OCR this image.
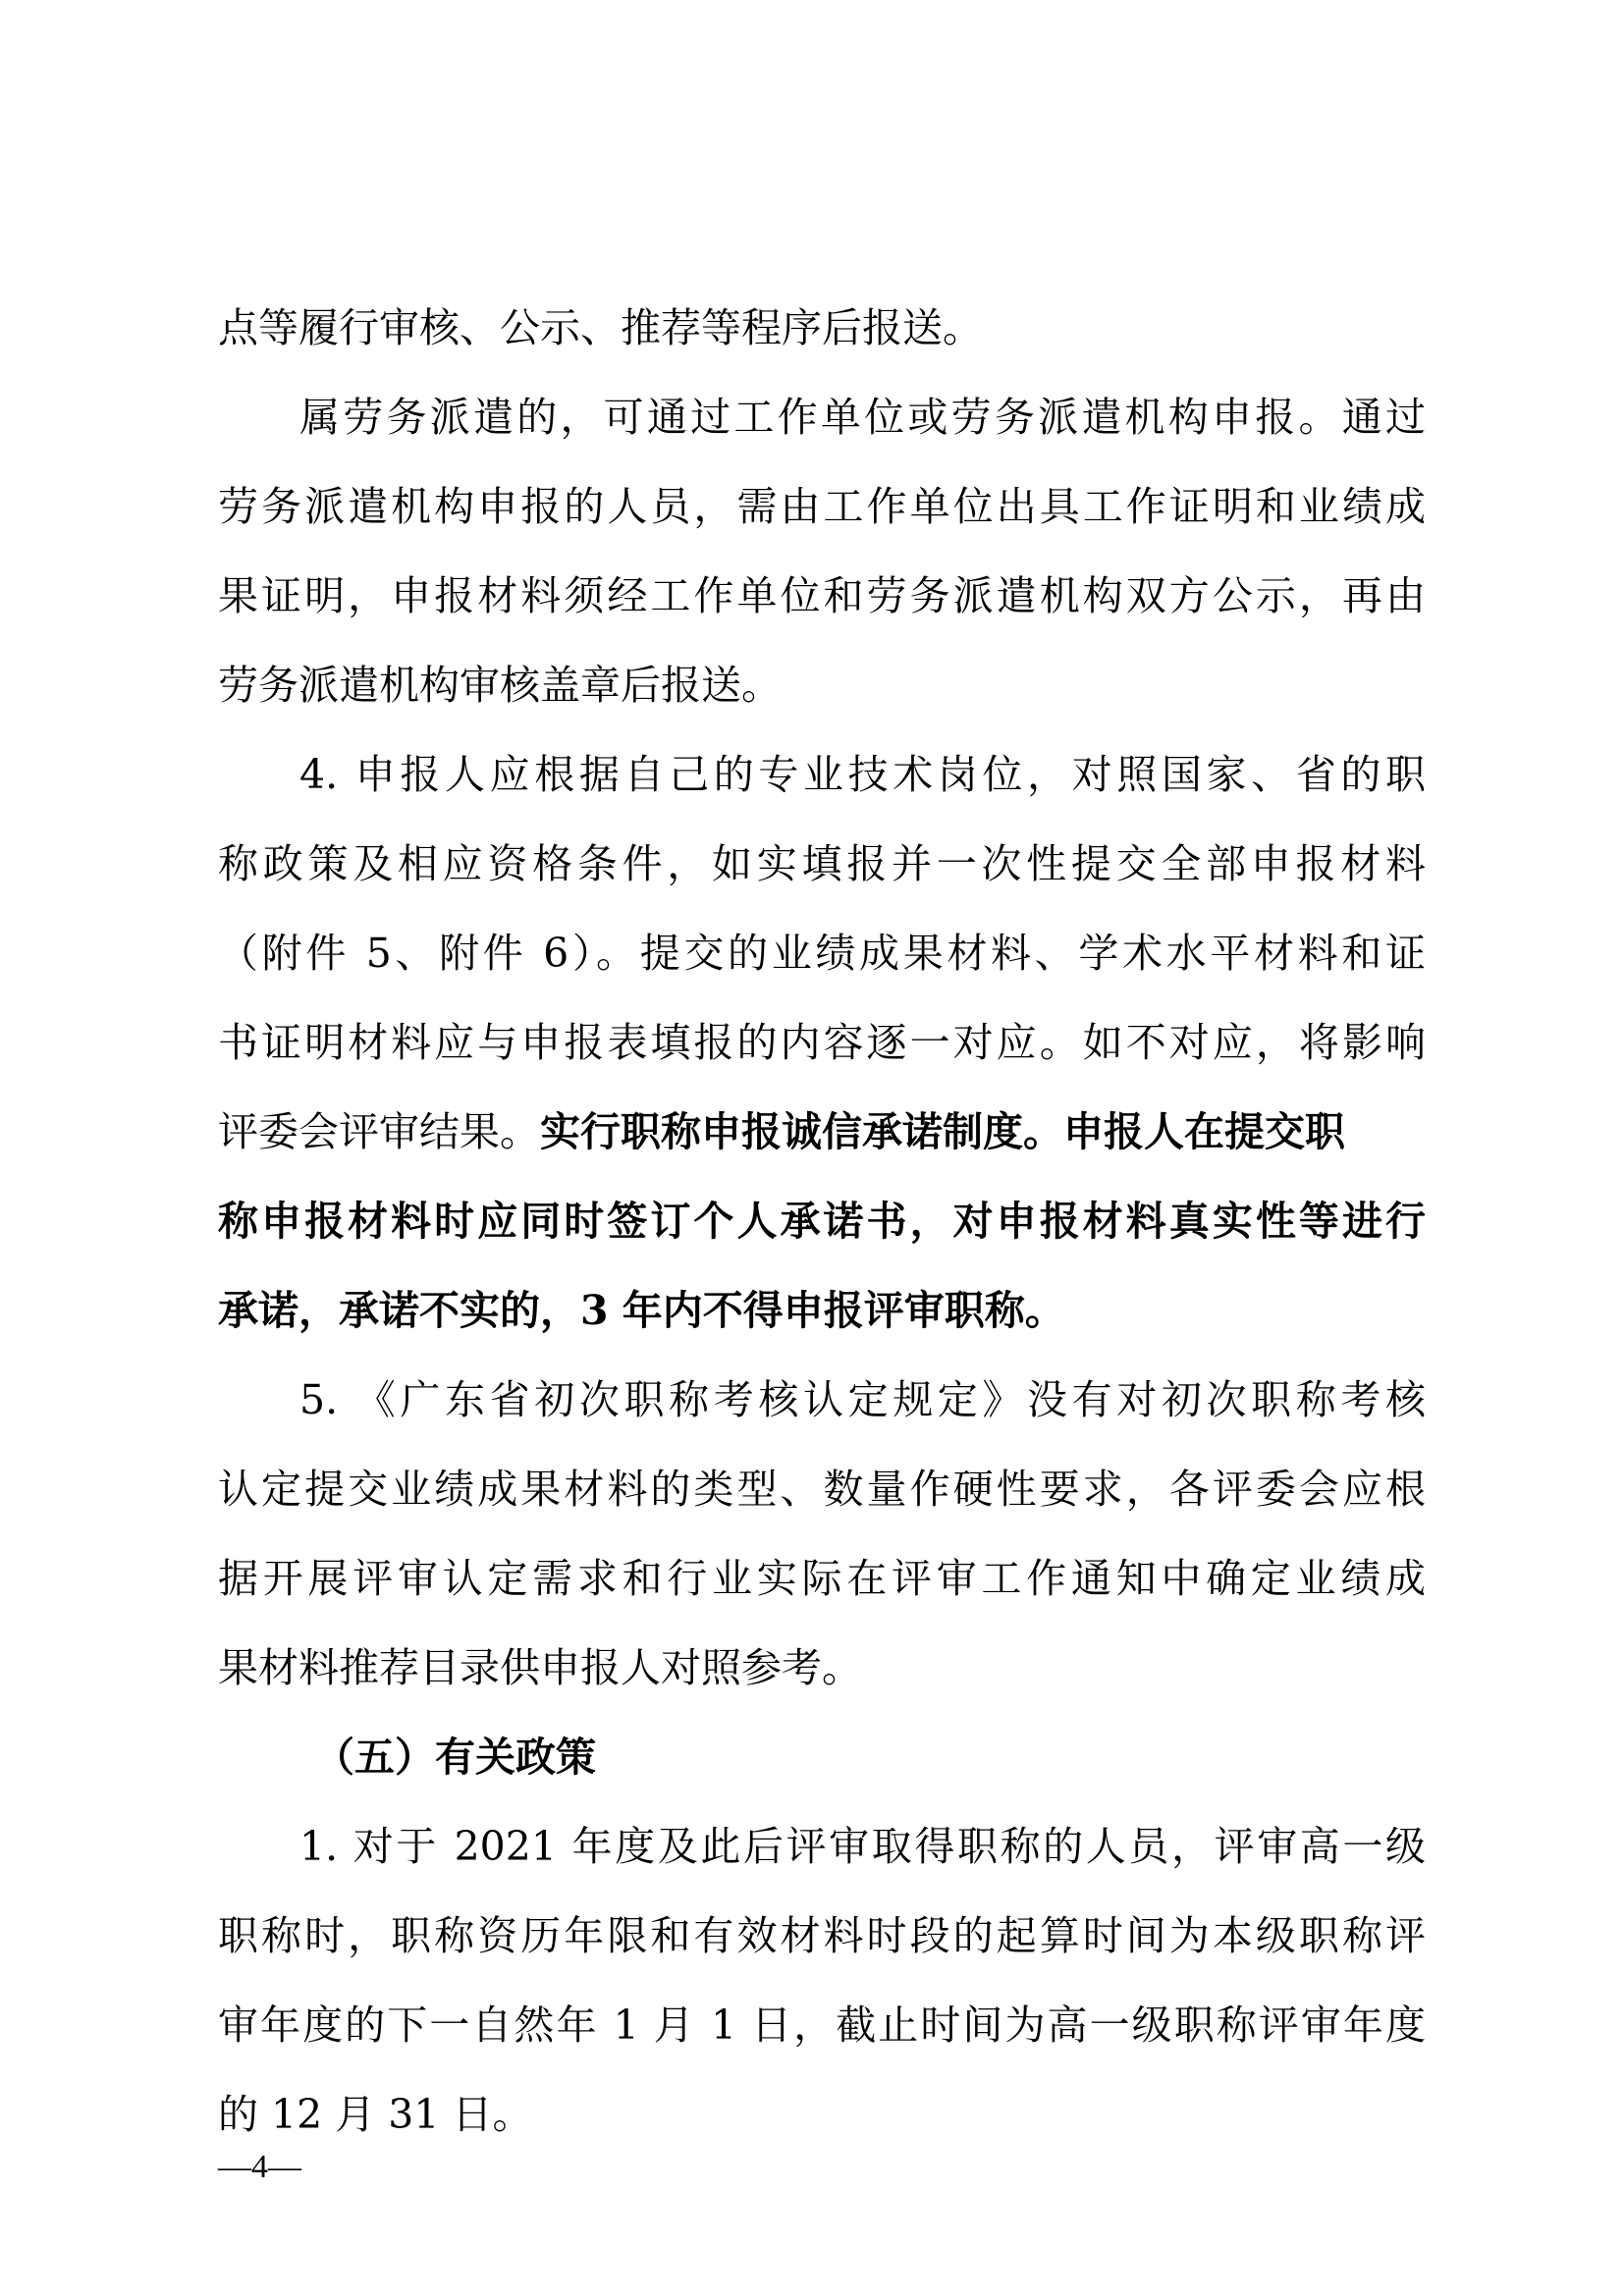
点等履行审核、公示、推荐等程序后报送。
属劳务派遣的，可通过工作单位或劳务派遣机构申报。通过
劳务派遣机构申报的人员，需由工作单位出具工作证明和业绩成
果证明，申报材料须经工作单位和劳务派遣机构双方公示，再由
劳务派遣机构审核盖章后报送。
4. 申报人应根据自己的专业技术岗位，对照国家、省的职
称政策及相应资格条件，如实填报并一次性提交全部申报材料
（附件 5、附件 6）。提交的业绩成果材料、学术水平材料和证
书证明材料应与申报表填报的内容逐一对应。如不对应，将影响
评委会评审结果。实行职称申报诚信承诺制度。申报人在提交职
称申报材料时应同时签订个人承诺书，对申报材料真实性等进行
承诺，承诺不实的，3 年内不得申报评审职称。
5. 《广东省初次职称考核认定规定》没有对初次职称考核
认定提交业绩成果材料的类型、数量作硬性要求，各评委会应根
据开展评审认定需求和行业实际在评审工作通知中确定业绩成
果材料推荐目录供申报人对照参考。
（五）有关政策
1. 对于 2021 年度及此后评审取得职称的人员，评审高一级
职称时，职称资历年限和有效材料时段的起算时间为本级职称评
审年度的下一自然年 1 月 1 日，截止时间为高一级职称评审年度
的 12 月 31 日。
—4—
